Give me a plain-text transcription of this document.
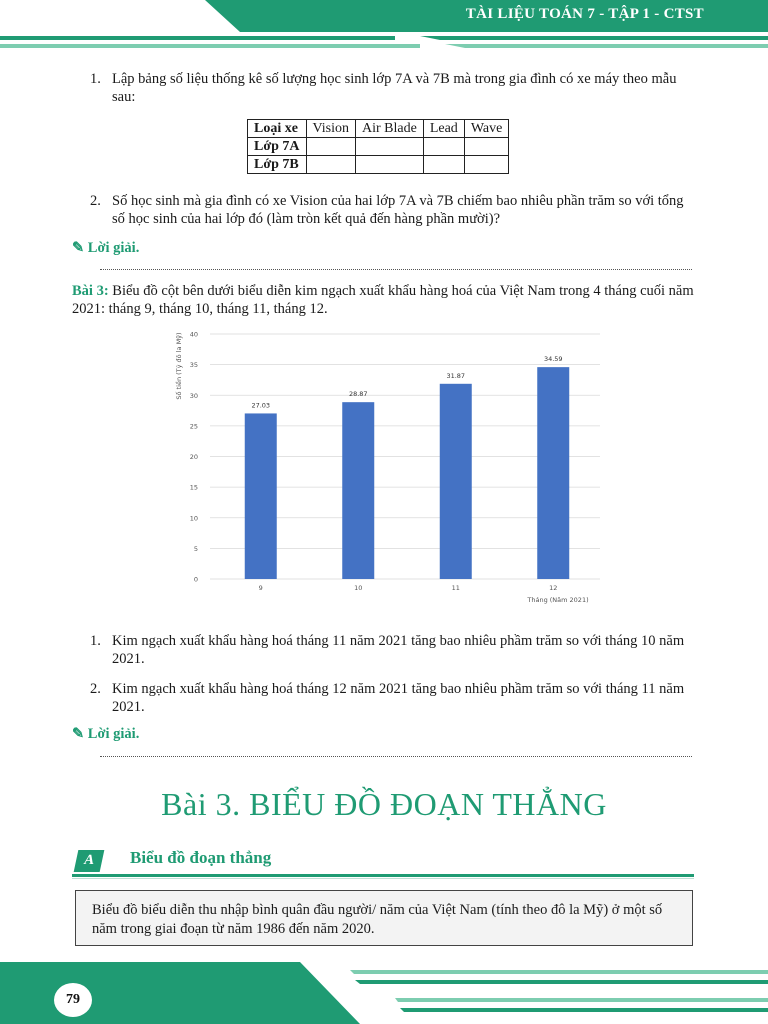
TÀI LIỆU TOÁN 7 - TẬP 1 - CTST
1. Lập bảng số liệu thống kê số lượng học sinh lớp 7A và 7B mà trong gia đình có xe máy theo mẫu sau:
Loại xe	Vision	Air Blade	Lead	Wave
Lớp 7A				
Lớp 7B				
2. Số học sinh mà gia đình có xe Vision của hai lớp 7A và 7B chiếm bao nhiêu phần trăm so với tổng số học sinh của hai lớp đó (làm tròn kết quả đến hàng phần mười)?
✎ Lời giải.
Bài 3: Biểu đồ cột bên dưới biểu diễn kim ngạch xuất khẩu hàng hoá của Việt Nam trong 4 tháng cuối năm 2021: tháng 9, tháng 10, tháng 11, tháng 12.
0
5
10
15
20
25
30
35
40
27.03
28.87
31.87
34.59
9	10	11	12
Số tiền (Tỷ đô la Mỹ)
Tháng (Năm 2021)
1. Kim ngạch xuất khẩu hàng hoá tháng 11 năm 2021 tăng bao nhiêu phầm trăm so với tháng 10 năm 2021.
2. Kim ngạch xuất khẩu hàng hoá tháng 12 năm 2021 tăng bao nhiêu phầm trăm so với tháng 11 năm 2021.
✎ Lời giải.
Bài 3. BIỂU ĐỒ ĐOẠN THẲNG
A	Biểu đồ đoạn thẳng
Biểu đồ biểu diễn thu nhập bình quân đầu người/ năm của Việt Nam (tính theo đô la Mỹ) ở một số năm trong giai đoạn từ năm 1986 đến năm 2020.
79
